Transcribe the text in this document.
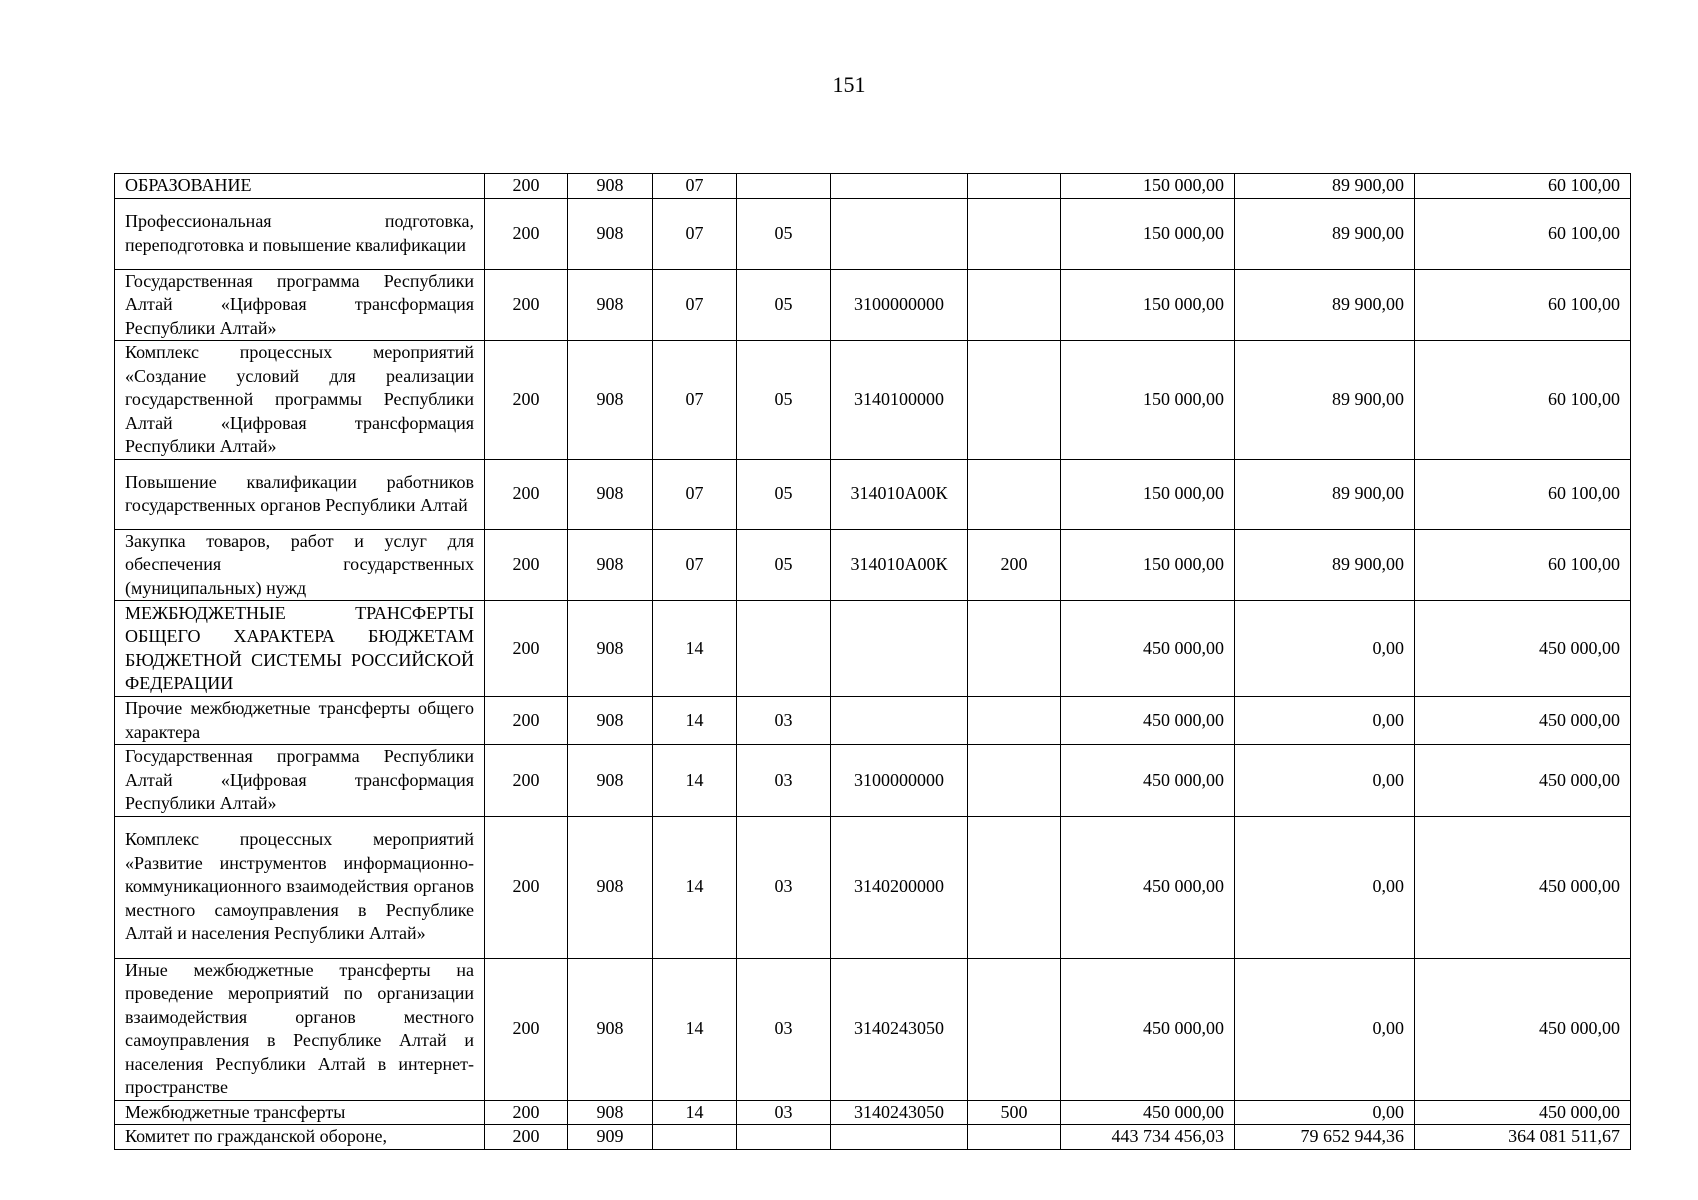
151
ОБРАЗОВАНИЕ	200	908	07				150 000,00	89 900,00	60 100,00
Профессиональная подготовка, переподготовка и повышение квалификации	200	908	07	05			150 000,00	89 900,00	60 100,00
Государственная программа Республики Алтай «Цифровая трансформация Республики Алтай»	200	908	07	05	3100000000		150 000,00	89 900,00	60 100,00
Комплекс процессных мероприятий «Создание условий для реализации государственной программы Республики Алтай «Цифровая трансформация Республики Алтай»	200	908	07	05	3140100000		150 000,00	89 900,00	60 100,00
Повышение квалификации работников государственных органов Республики Алтай	200	908	07	05	314010А00К		150 000,00	89 900,00	60 100,00
Закупка товаров, работ и услуг для обеспечения государственных (муниципальных) нужд	200	908	07	05	314010А00К	200	150 000,00	89 900,00	60 100,00
МЕЖБЮДЖЕТНЫЕ ТРАНСФЕРТЫ ОБЩЕГО ХАРАКТЕРА БЮДЖЕТАМ БЮДЖЕТНОЙ СИСТЕМЫ РОССИЙСКОЙ ФЕДЕРАЦИИ	200	908	14				450 000,00	0,00	450 000,00
Прочие межбюджетные трансферты общего характера	200	908	14	03			450 000,00	0,00	450 000,00
Государственная программа Республики Алтай «Цифровая трансформация Республики Алтай»	200	908	14	03	3100000000		450 000,00	0,00	450 000,00
Комплекс процессных мероприятий «Развитие инструментов информационно-коммуникационного взаимодействия органов местного самоуправления в Республике Алтай и населения Республики Алтай»	200	908	14	03	3140200000		450 000,00	0,00	450 000,00
Иные межбюджетные трансферты на проведение мероприятий по организации взаимодействия органов местного самоуправления в Республике Алтай и населения Республики Алтай в интернет-пространстве	200	908	14	03	3140243050		450 000,00	0,00	450 000,00
Межбюджетные трансферты	200	908	14	03	3140243050	500	450 000,00	0,00	450 000,00
Комитет по гражданской обороне,	200	909					443 734 456,03	79 652 944,36	364 081 511,67
